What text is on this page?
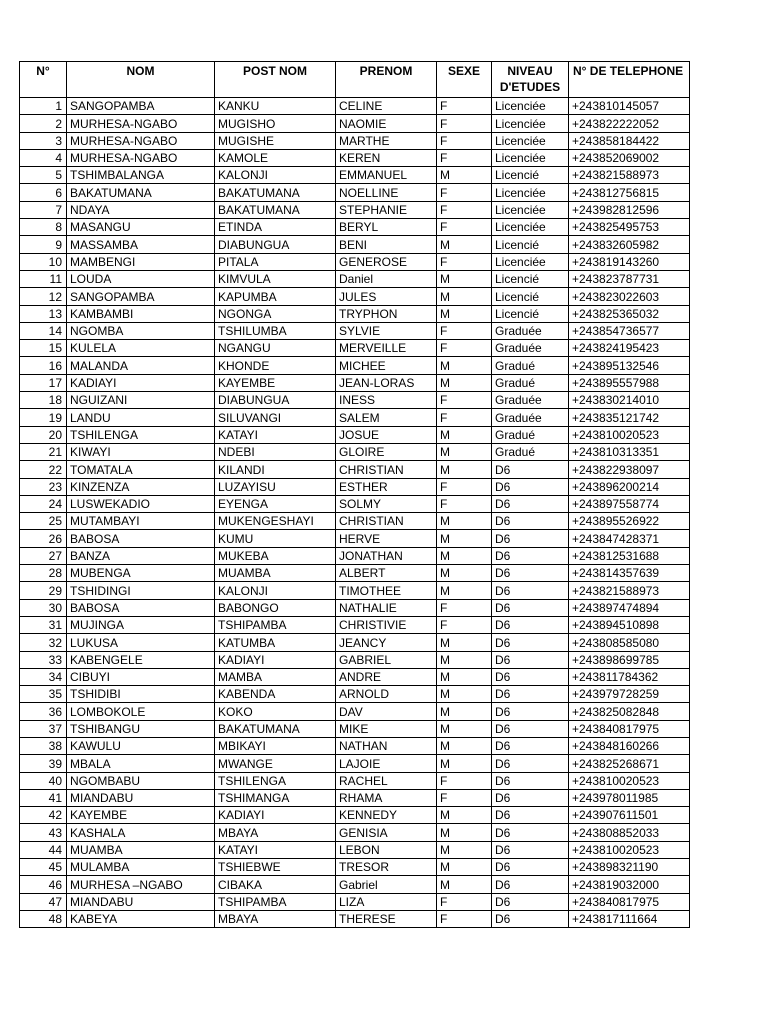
N°	NOM	POST NOM	PRENOM	SEXE	NIVEAU D'ETUDES	N° DE TELEPHONE
1	SANGOPAMBA	KANKU	CELINE	F	Licenciée	+243810145057
2	MURHESA-NGABO	MUGISHO	NAOMIE	F	Licenciée	+243822222052
3	MURHESA-NGABO	MUGISHE	MARTHE	F	Licenciée	+243858184422
4	MURHESA-NGABO	KAMOLE	KEREN	F	Licenciée	+243852069002
5	TSHIMBALANGA	KALONJI	EMMANUEL	M	Licencié	+243821588973
6	BAKATUMANA	BAKATUMANA	NOELLINE	F	Licenciée	+243812756815
7	NDAYA	BAKATUMANA	STEPHANIE	F	Licenciée	+243982812596
8	MASANGU	ETINDA	BERYL	F	Licenciée	+243825495753
9	MASSAMBA	DIABUNGUA	BENI	M	Licencié	+243832605982
10	MAMBENGI	PITALA	GENEROSE	F	Licenciée	+243819143260
11	LOUDA	KIMVULA	Daniel	M	Licencié	+243823787731
12	SANGOPAMBA	KAPUMBA	JULES	M	Licencié	+243823022603
13	KAMBAMBI	NGONGA	TRYPHON	M	Licencié	+243825365032
14	NGOMBA	TSHILUMBA	SYLVIE	F	Graduée	+243854736577
15	KULELA	NGANGU	MERVEILLE	F	Graduée	+243824195423
16	MALANDA	KHONDE	MICHEE	M	Gradué	+243895132546
17	KADIAYI	KAYEMBE	JEAN-LORAS	M	Gradué	+243895557988
18	NGUIZANI	DIABUNGUA	INESS	F	Graduée	+243830214010
19	LANDU	SILUVANGI	SALEM	F	Graduée	+243835121742
20	TSHILENGA	KATAYI	JOSUE	M	Gradué	+243810020523
21	KIWAYI	NDEBI	GLOIRE	M	Gradué	+243810313351
22	TOMATALA	KILANDI	CHRISTIAN	M	D6	+243822938097
23	KINZENZA	LUZAYISU	ESTHER	F	D6	+243896200214
24	LUSWEKADIO	EYENGA	SOLMY	F	D6	+243897558774
25	MUTAMBAYI	MUKENGESHAYI	CHRISTIAN	M	D6	+243895526922
26	BABOSA	KUMU	HERVE	M	D6	+243847428371
27	BANZA	MUKEBA	JONATHAN	M	D6	+243812531688
28	MUBENGA	MUAMBA	ALBERT	M	D6	+243814357639
29	TSHIDINGI	KALONJI	TIMOTHEE	M	D6	+243821588973
30	BABOSA	BABONGO	NATHALIE	F	D6	+243897474894
31	MUJINGA	TSHIPAMBA	CHRISTIVIE	F	D6	+243894510898
32	LUKUSA	KATUMBA	JEANCY	M	D6	+243808585080
33	KABENGELE	KADIAYI	GABRIEL	M	D6	+243898699785
34	CIBUYI	MAMBA	ANDRE	M	D6	+243811784362
35	TSHIDIBI	KABENDA	ARNOLD	M	D6	+243979728259
36	LOMBOKOLE	KOKO	DAV	M	D6	+243825082848
37	TSHIBANGU	BAKATUMANA	MIKE	M	D6	+243840817975
38	KAWULU	MBIKAYI	NATHAN	M	D6	+243848160266
39	MBALA	MWANGE	LAJOIE	M	D6	+243825268671
40	NGOMBABU	TSHILENGA	RACHEL	F	D6	+243810020523
41	MIANDABU	TSHIMANGA	RHAMA	F	D6	+243978011985
42	KAYEMBE	KADIAYI	KENNEDY	M	D6	+243907611501
43	KASHALA	MBAYA	GENISIA	M	D6	+243808852033
44	MUAMBA	KATAYI	LEBON	M	D6	+243810020523
45	MULAMBA	TSHIEBWE	TRESOR	M	D6	+243898321190
46	MURHESA –NGABO	CIBAKA	Gabriel	M	D6	+243819032000
47	MIANDABU	TSHIPAMBA	LIZA	F	D6	+243840817975
48	KABEYA	MBAYA	THERESE	F	D6	+243817111664
